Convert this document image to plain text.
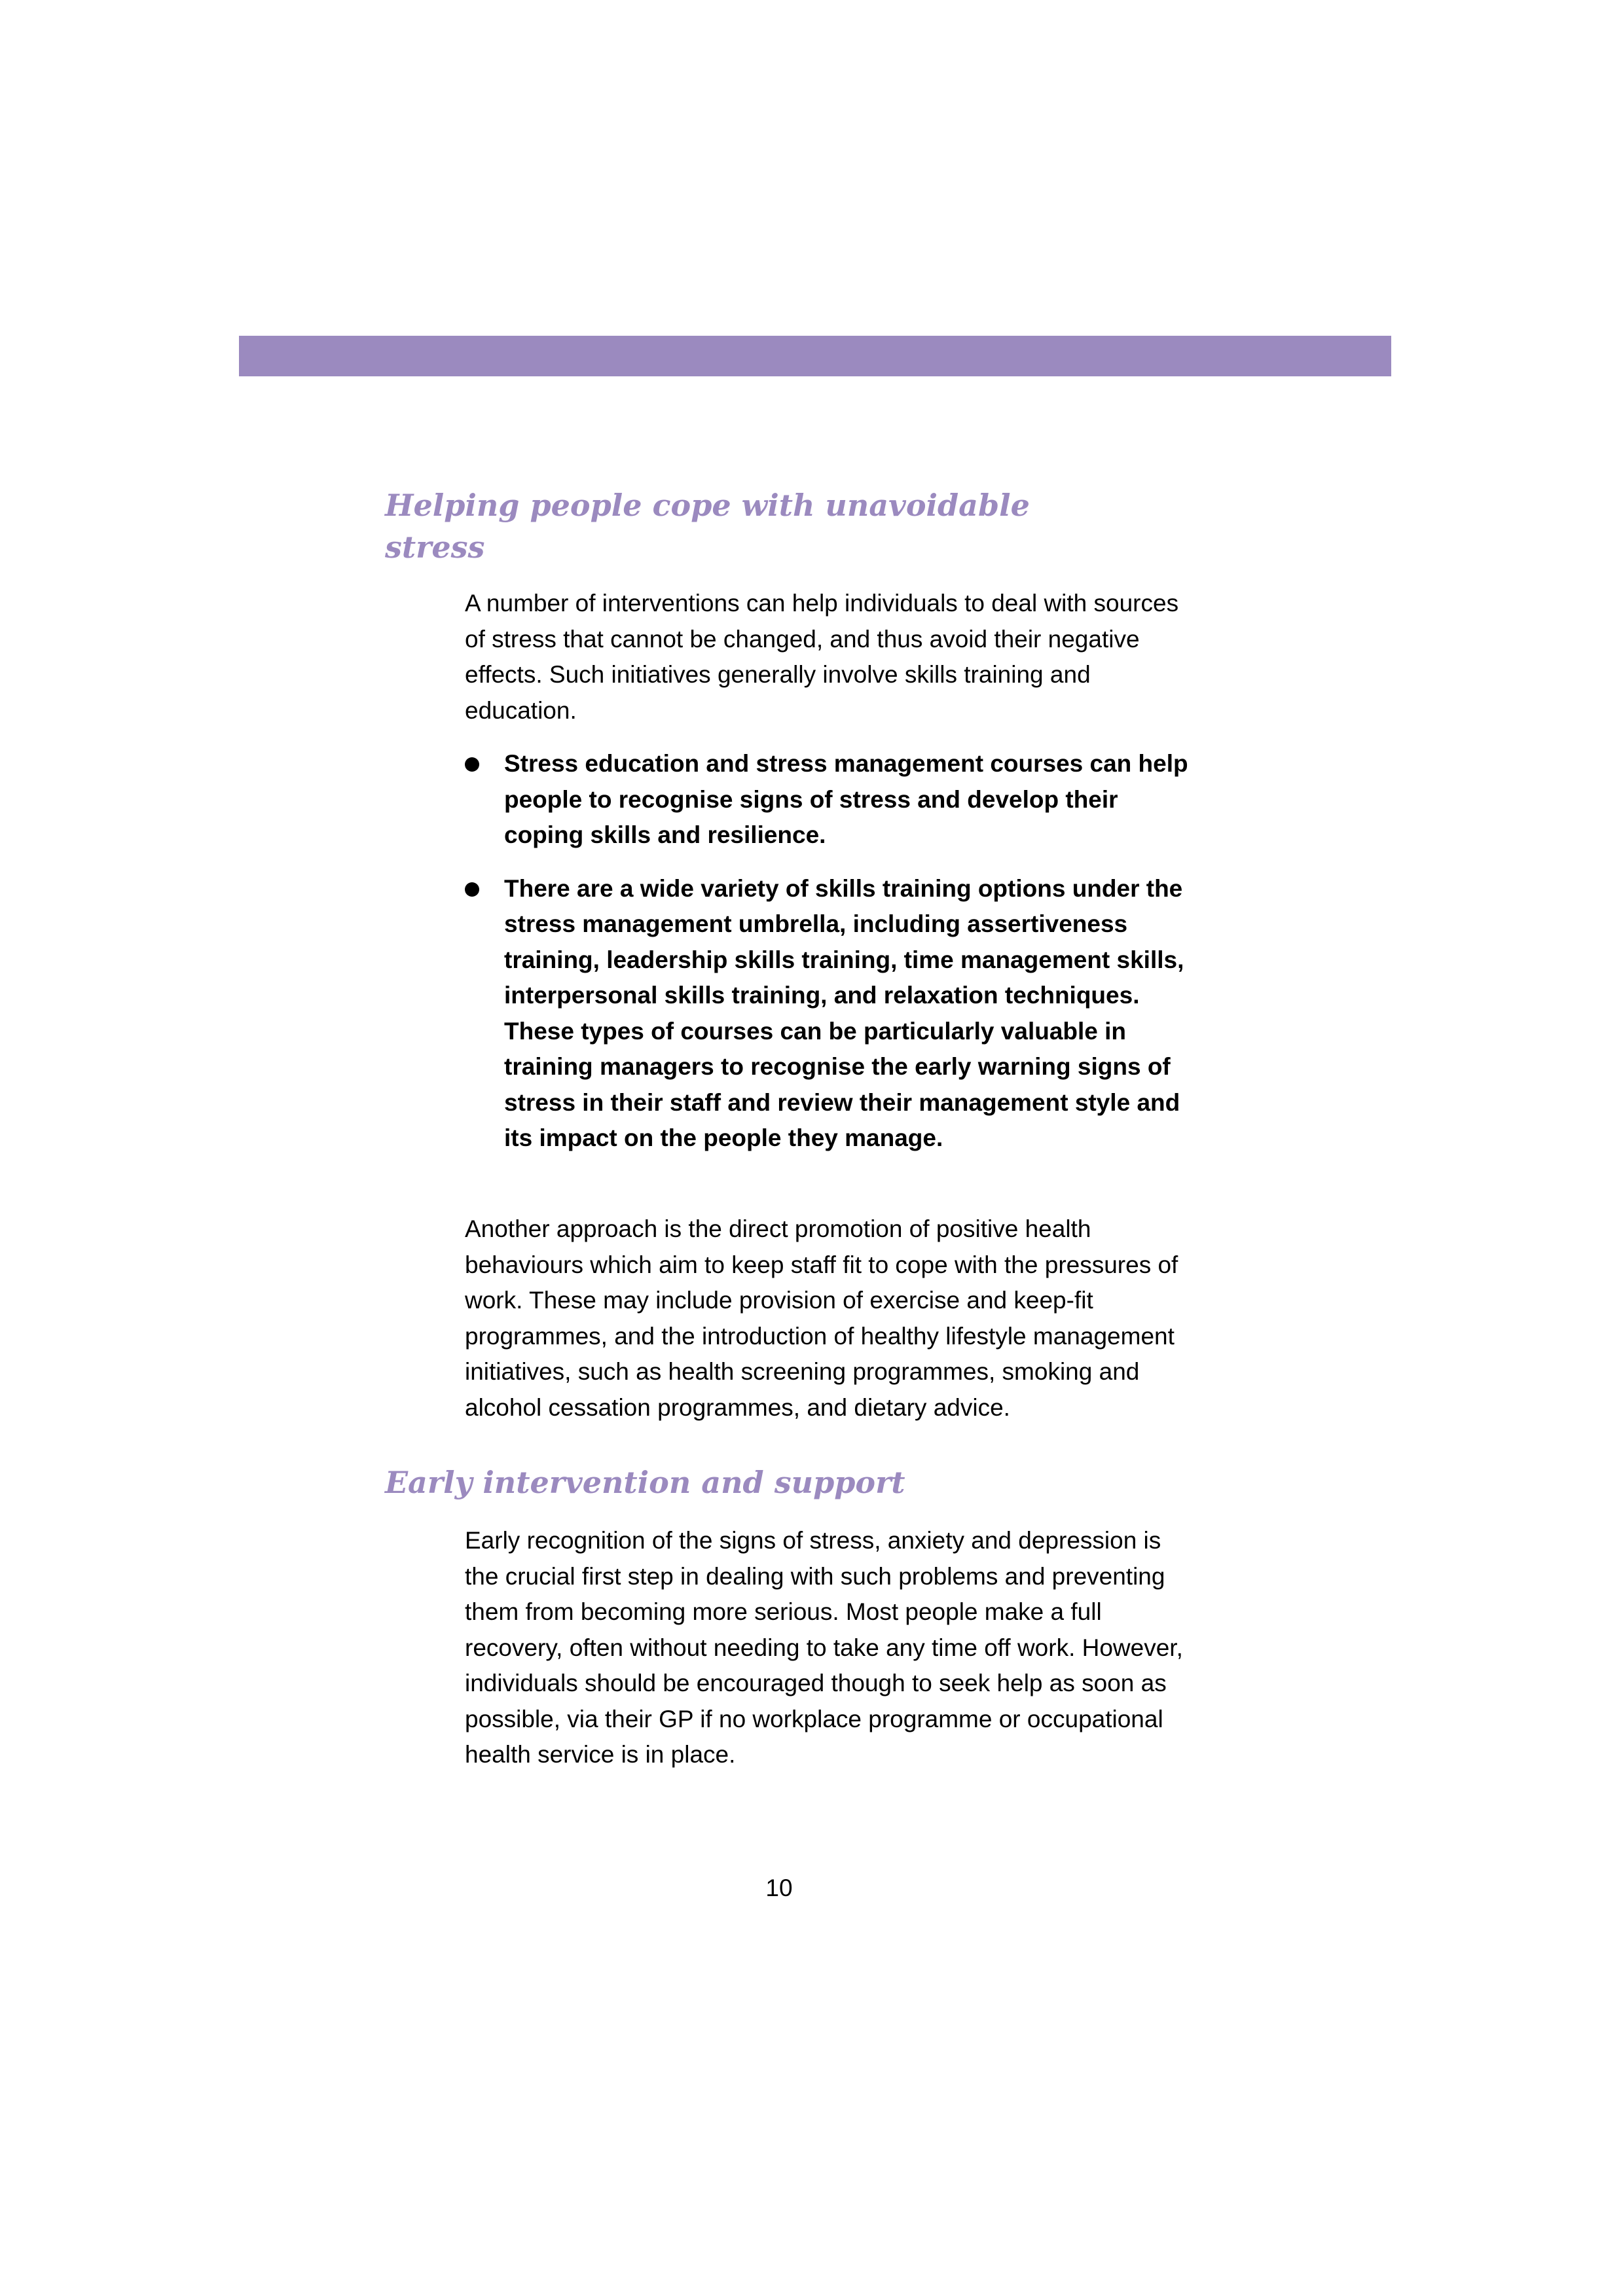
Helping people cope with unavoidable stress

A number of interventions can help individuals to deal with sources of stress that cannot be changed, and thus avoid their negative effects. Such initiatives generally involve skills training and education.

Stress education and stress management courses can help people to recognise signs of stress and develop their coping skills and resilience.
There are a wide variety of skills training options under the stress management umbrella, including assertiveness training, leadership skills training, time management skills, interpersonal skills training, and relaxation techniques. These types of courses can be particularly valuable in training managers to recognise the early warning signs of stress in their staff and review their management style and its impact on the people they manage.

Another approach is the direct promotion of positive health behaviours which aim to keep staff fit to cope with the pressures of work. These may include provision of exercise and keep-fit programmes, and the introduction of healthy lifestyle management initiatives, such as health screening programmes, smoking and alcohol cessation programmes, and dietary advice.

Early intervention and support

Early recognition of the signs of stress, anxiety and depression is the crucial first step in dealing with such problems and preventing them from becoming more serious. Most people make a full recovery, often without needing to take any time off work. However, individuals should be encouraged though to seek help as soon as possible, via their GP if no workplace programme or occupational health service is in place.

10
